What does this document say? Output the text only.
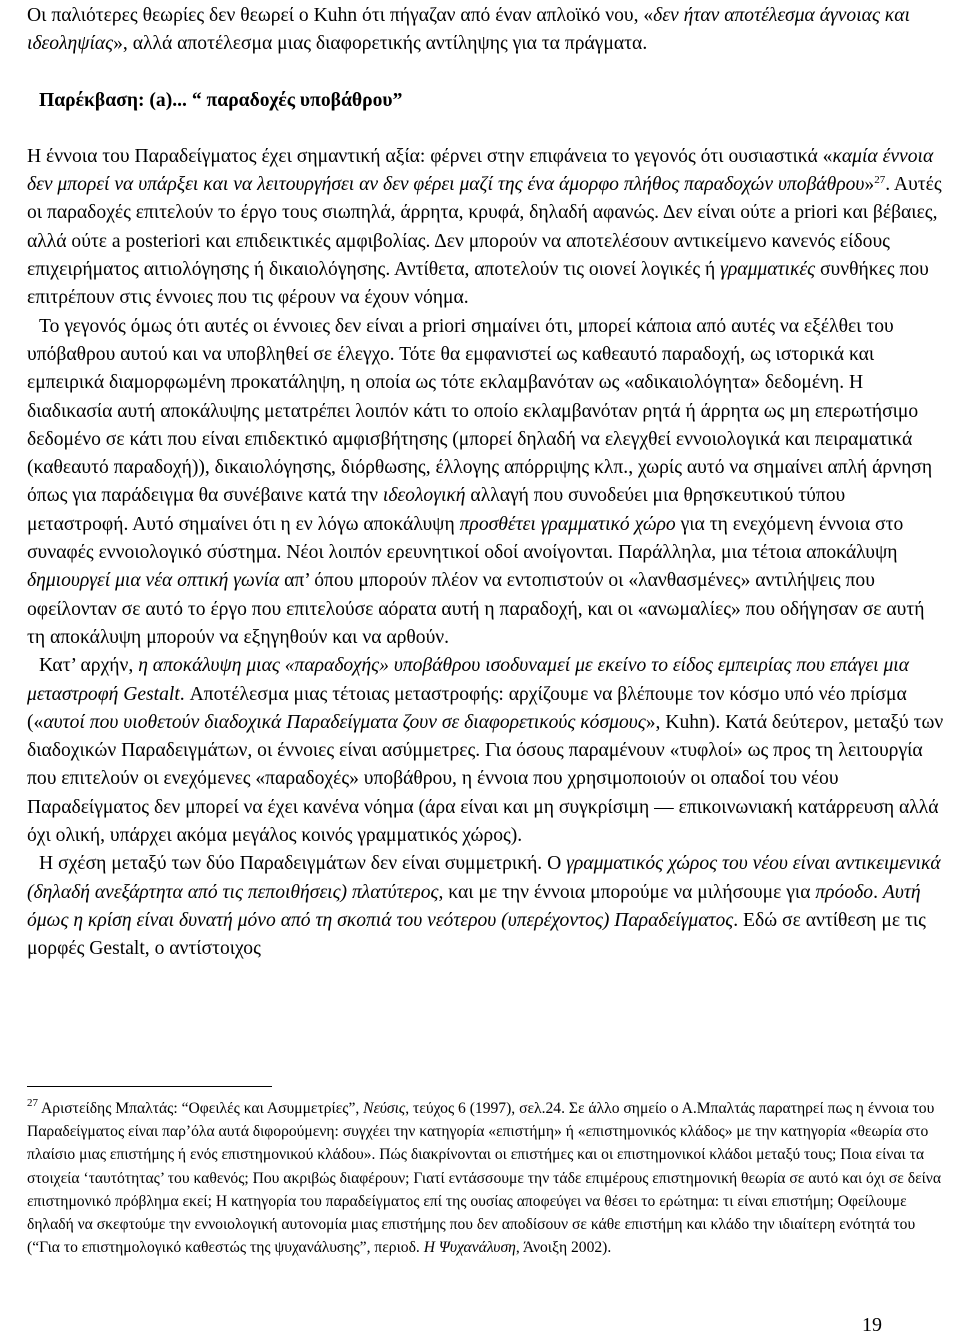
Οι παλιότερες θεωρίες δεν θεωρεί ο Kuhn ότι πήγαζαν από έναν απλοϊκό νου, «δεν ήταν αποτέλεσμα άγνοιας και ιδεοληψίας», αλλά αποτέλεσμα μιας διαφορετικής αντίληψης για τα πράγματα.

Παρέκβαση: (a)... “ παραδοχές υποβάθρου”

Η έννοια του Παραδείγματος έχει σημαντική αξία: φέρνει στην επιφάνεια το γεγονός ότι ουσιαστικά «καμία έννοια δεν μπορεί να υπάρξει και να λειτουργήσει αν δεν φέρει μαζί της ένα άμορφο πλήθος παραδοχών υποβάθρου»$^{27}$. Αυτές οι παραδοχές επιτελούν το έργο τους σιωπηλά, άρρητα, κρυφά, δηλαδή αφανώς. Δεν είναι ούτε a priori και βέβαιες, αλλά ούτε a posteriori και επιδεικτικές αμφιβολίας. Δεν μπορούν να αποτελέσουν αντικείμενο κανενός είδους επιχειρήματος αιτιολόγησης ή δικαιολόγησης. Αντίθετα, αποτελούν τις οιονεί λογικές ή γραμματικές συνθήκες που επιτρέπουν στις έννοιες που τις φέρουν να έχουν νόημα.

Το γεγονός όμως ότι αυτές οι έννοιες δεν είναι a priori σημαίνει ότι, μπορεί κάποια από αυτές να εξέλθει του υπόβαθρου αυτού και να υποβληθεί σε έλεγχο. Τότε θα εμφανιστεί ως καθεαυτό παραδοχή, ως ιστορικά και εμπειρικά διαμορφωμένη προκατάληψη, η οποία ως τότε εκλαμβανόταν ως «αδικαιολόγητα» δεδομένη. Η διαδικασία αυτή αποκάλυψης μετατρέπει λοιπόν κάτι το οποίο εκλαμβανόταν ρητά ή άρρητα ως μη επερωτήσιμο δεδομένο σε κάτι που είναι επιδεκτικό αμφισβήτησης (μπορεί δηλαδή να ελεγχθεί εννοιολογικά και πειραματικά (καθεαυτό παραδοχή)), δικαιολόγησης, διόρθωσης, έλλογης απόρριψης κλπ., χωρίς αυτό να σημαίνει απλή άρνηση όπως για παράδειγμα θα συνέβαινε κατά την ιδεολογική αλλαγή που συνοδεύει μια θρησκευτικού τύπου μεταστροφή. Αυτό σημαίνει ότι η εν λόγω αποκάλυψη προσθέτει γραμματικό χώρο για τη ενεχόμενη έννοια στο συναφές εννοιολογικό σύστημα. Νέοι λοιπόν ερευνητικοί οδοί ανοίγονται. Παράλληλα, μια τέτοια αποκάλυψη δημιουργεί μια νέα οπτική γωνία απ’ όπου μπορούν πλέον να εντοπιστούν οι «λανθασμένες» αντιλήψεις που οφείλονταν σε αυτό το έργο που επιτελούσε αόρατα αυτή η παραδοχή, και οι «ανωμαλίες» που οδήγησαν σε αυτή τη αποκάλυψη μπορούν να εξηγηθούν και να αρθούν.

Κατ’ αρχήν, η αποκάλυψη μιας «παραδοχής» υποβάθρου ισοδυναμεί με εκείνο το είδος εμπειρίας που επάγει μια μεταστροφή Gestalt. Αποτέλεσμα μιας τέτοιας μεταστροφής: αρχίζουμε να βλέπουμε τον κόσμο υπό νέο πρίσμα («αυτοί που υιοθετούν διαδοχικά Παραδείγματα ζουν σε διαφορετικούς κόσμους», Kuhn). Κατά δεύτερον, μεταξύ των διαδοχικών Παραδειγμάτων, οι έννοιες είναι ασύμμετρες. Για όσους παραμένουν «τυφλοί» ως προς τη λειτουργία που επιτελούν οι ενεχόμενες «παραδοχές» υποβάθρου, η έννοια που χρησιμοποιούν οι οπαδοί του νέου Παραδείγματος δεν μπορεί να έχει κανένα νόημα (άρα είναι και μη συγκρίσιμη — επικοινωνιακή κατάρρευση αλλά όχι ολική, υπάρχει ακόμα μεγάλος κοινός γραμματικός χώρος).

Η σχέση μεταξύ των δύο Παραδειγμάτων δεν είναι συμμετρική. Ο γραμματικός χώρος του νέου είναι αντικειμενικά (δηλαδή ανεξάρτητα από τις πεποιθήσεις) πλατύτερος, και με την έννοια μπορούμε να μιλήσουμε για πρόοδο. Αυτή όμως η κρίση είναι δυνατή μόνο από τη σκοπιά του νεότερου (υπερέχοντος) Παραδείγματος. Εδώ σε αντίθεση με τις μορφές Gestalt, ο αντίστοιχος

$^{27}$ Αριστείδης Μπαλτάς: “Οφειλές και Ασυμμετρίες”, Νεύσις, τεύχος 6 (1997), σελ.24. Σε άλλο σημείο ο Α.Μπαλτάς παρατηρεί πως η έννοια του Παραδείγματος είναι παρ’όλα αυτά διφορούμενη: συγχέει την κατηγορία «επιστήμη» ή «επιστημονικός κλάδος» με την κατηγορία «θεωρία στο πλαίσιο μιας επιστήμης ή ενός επιστημονικού κλάδου». Πώς διακρίνονται οι επιστήμες και οι επιστημονικοί κλάδοι μεταξύ τους; Ποια είναι τα στοιχεία ‘ταυτότητας’ του καθενός; Που ακριβώς διαφέρουν; Γιατί εντάσσουμε την τάδε επιμέρους επιστημονική θεωρία σε αυτό και όχι σε δείνα επιστημονικό πρόβλημα εκεί; Η κατηγορία του παραδείγματος επί της ουσίας αποφεύγει να θέσει το ερώτημα: τι είναι επιστήμη; Οφείλουμε δηλαδή να σκεφτούμε την εννοιολογική αυτονομία μιας επιστήμης που δεν αποδίσουν σε κάθε επιστήμη και κλάδο την ιδιαίτερη ενότητά του (“Για το επιστημολογικό καθεστώς της ψυχανάλυσης”, περιοδ. Η Ψυχανάλυση, Άνοιξη 2002).

19
